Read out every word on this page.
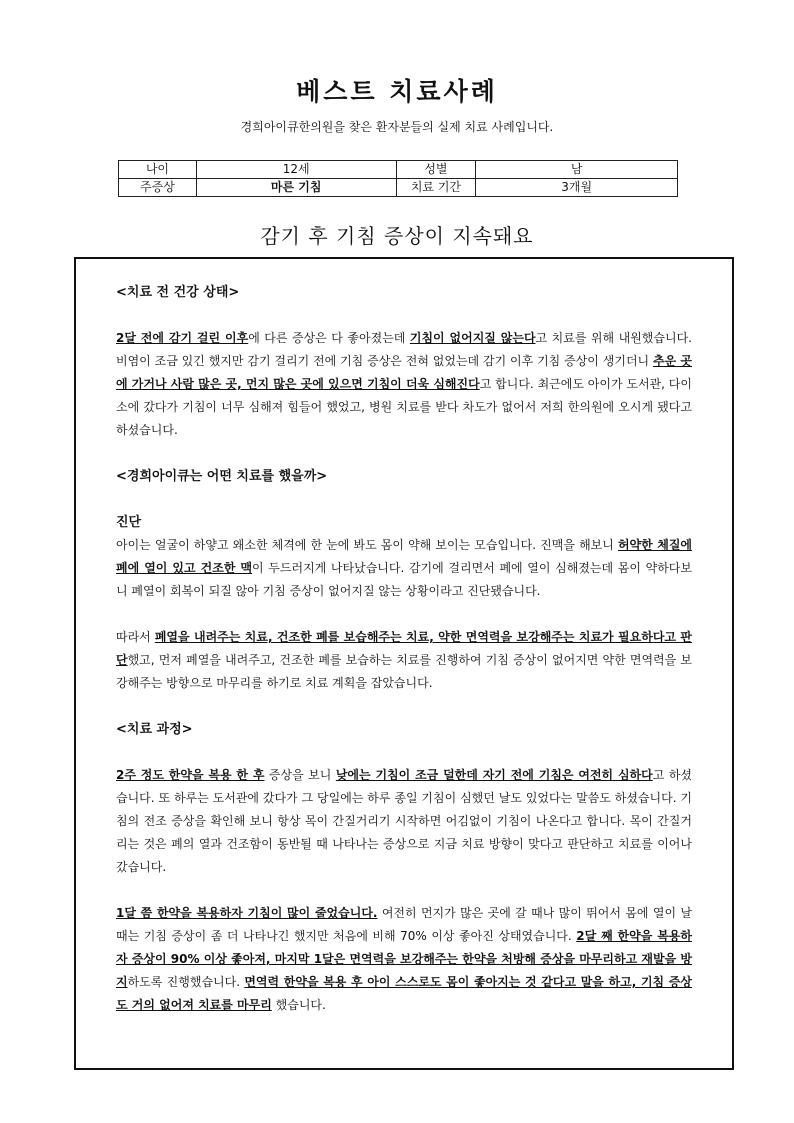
베스트 치료사례
경희아이큐한의원을 찾은 환자분들의 실제 치료 사례입니다.
나이	12세	성별	남
주증상	마른 기침	치료 기간	3개월
감기 후 기침 증상이 지속돼요
<치료 전 건강 상태>

2달 전에 감기 걸린 이후에 다른 증상은 다 좋아졌는데 기침이 없어지질 않는다고 치료를 위해 내원했습니다. 비염이 조금 있긴 했지만 감기 걸리기 전에 기침 증상은 전혀 없었는데 감기 이후 기침 증상이 생기더니 추운 곳에 가거나 사람 많은 곳, 먼지 많은 곳에 있으면 기침이 더욱 심해진다고 합니다. 최근에도 아이가 도서관, 다이소에 갔다가 기침이 너무 심해져 힘들어 했었고, 병원 치료를 받다 차도가 없어서 저희 한의원에 오시게 됐다고 하셨습니다.

<경희아이큐는 어떤 치료를 했을까>
진단

아이는 얼굴이 하얗고 왜소한 체격에 한 눈에 봐도 몸이 약해 보이는 모습입니다. 진맥을 해보니 허약한 체질에 폐에 열이 있고 건조한 맥이 두드러지게 나타났습니다. 감기에 걸리면서 폐에 열이 심해졌는데 몸이 약하다보니 폐열이 회복이 되질 않아 기침 증상이 없어지질 않는 상황이라고 진단됐습니다.

따라서 폐열을 내려주는 치료, 건조한 폐를 보습해주는 치료, 약한 면역력을 보강해주는 치료가 필요하다고 판단했고, 먼저 폐열을 내려주고, 건조한 폐를 보습하는 치료를 진행하여 기침 증상이 없어지면 약한 면역력을 보강해주는 방향으로 마무리를 하기로 치료 계획을 잡았습니다.

<치료 과정>

2주 정도 한약을 복용 한 후 증상을 보니 낮에는 기침이 조금 덜한데 자기 전에 기침은 여전히 심하다고 하셨습니다. 또 하루는 도서관에 갔다가 그 당일에는 하루 종일 기침이 심했던 날도 있었다는 말씀도 하셨습니다. 기침의 전조 증상을 확인해 보니 항상 목이 간질거리기 시작하면 어김없이 기침이 나온다고 합니다. 목이 간질거리는 것은 폐의 열과 건조함이 동반될 때 나타나는 증상으로 지금 치료 방향이 맞다고 판단하고 치료를 이어나갔습니다.

1달 쯤 한약을 복용하자 기침이 많이 줄었습니다. 여전히 먼지가 많은 곳에 갈 때나 많이 뛰어서 몸에 열이 날 때는 기침 증상이 좀 더 나타나긴 했지만 처음에 비해 70% 이상 좋아진 상태였습니다. 2달 째 한약을 복용하자 증상이 90% 이상 좋아져, 마지막 1달은 면역력을 보강해주는 한약을 처방해 증상을 마무리하고 재발을 방지하도록 진행했습니다. 면역력 한약을 복용 후 아이 스스로도 몸이 좋아지는 것 같다고 말을 하고, 기침 증상도 거의 없어져 치료를 마무리 했습니다.
